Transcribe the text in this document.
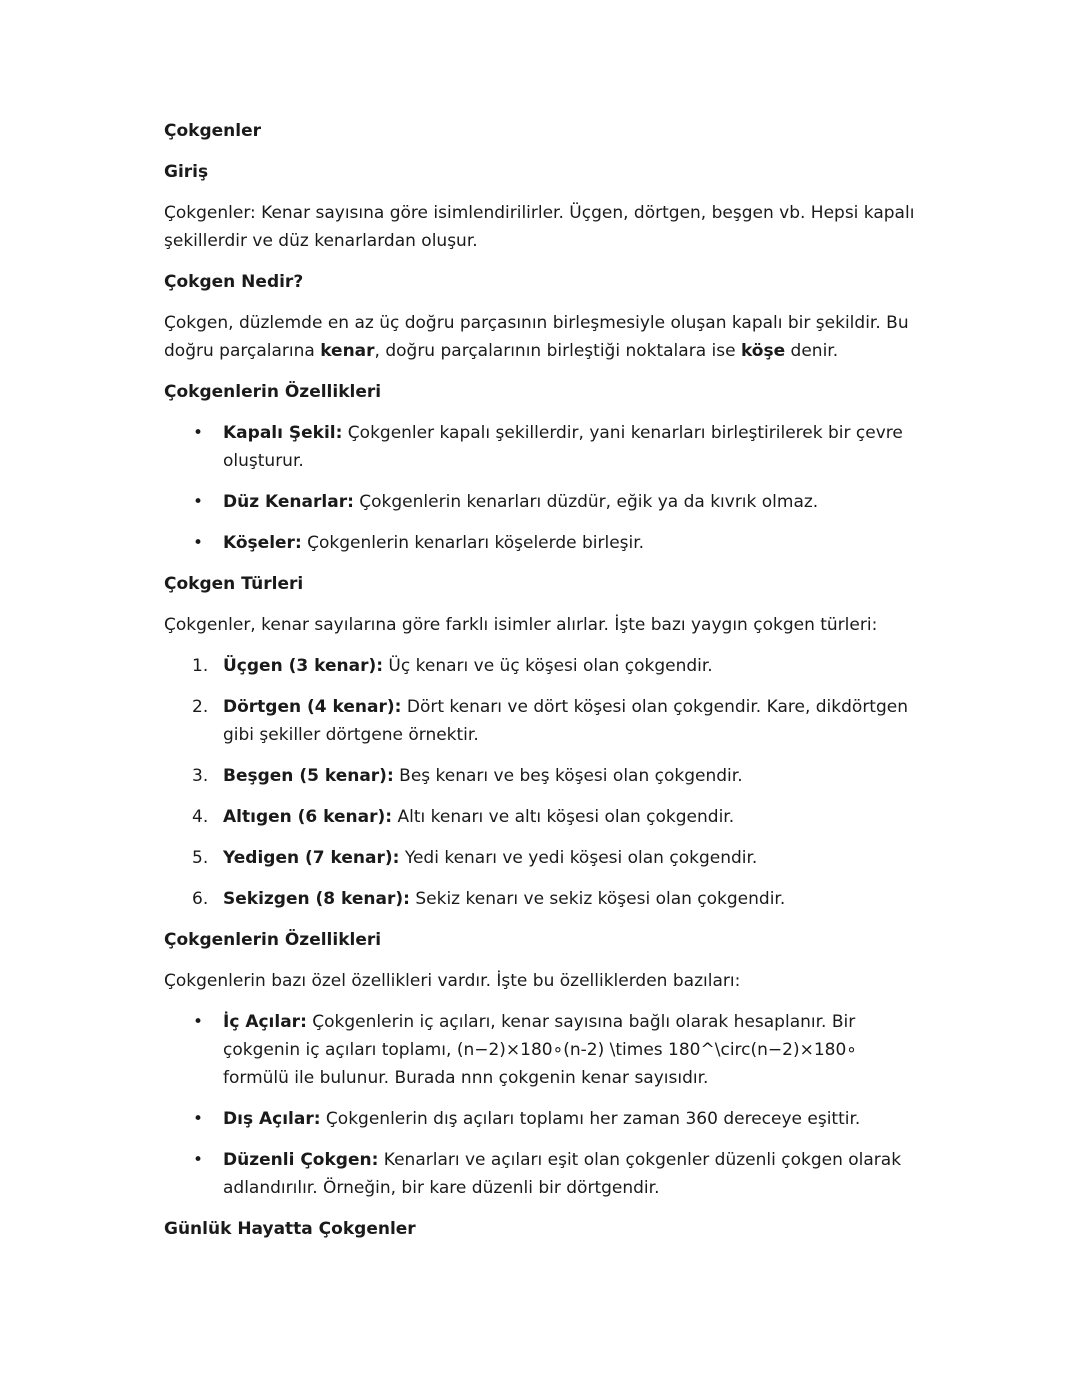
Çokgenler
Giriş
Çokgenler: Kenar sayısına göre isimlendirilirler. Üçgen, dörtgen, beşgen vb. Hepsi kapalı şekillerdir ve düz kenarlardan oluşur.
Çokgen Nedir?
Çokgen, düzlemde en az üç doğru parçasının birleşmesiyle oluşan kapalı bir şekildir. Bu doğru parçalarına kenar, doğru parçalarının birleştiği noktalara ise köşe denir.
Çokgenlerin Özellikleri
•	Kapalı Şekil: Çokgenler kapalı şekillerdir, yani kenarları birleştirilerek bir çevre oluşturur.
•	Düz Kenarlar: Çokgenlerin kenarları düzdür, eğik ya da kıvrık olmaz.
•	Köşeler: Çokgenlerin kenarları köşelerde birleşir.
Çokgen Türleri
Çokgenler, kenar sayılarına göre farklı isimler alırlar. İşte bazı yaygın çokgen türleri:
1. Üçgen (3 kenar): Üç kenarı ve üç köşesi olan çokgendir.
2. Dörtgen (4 kenar): Dört kenarı ve dört köşesi olan çokgendir. Kare, dikdörtgen gibi şekiller dörtgene örnektir.
3. Beşgen (5 kenar): Beş kenarı ve beş köşesi olan çokgendir.
4. Altıgen (6 kenar): Altı kenarı ve altı köşesi olan çokgendir.
5. Yedigen (7 kenar): Yedi kenarı ve yedi köşesi olan çokgendir.
6. Sekizgen (8 kenar): Sekiz kenarı ve sekiz köşesi olan çokgendir.
Çokgenlerin Özellikleri
Çokgenlerin bazı özel özellikleri vardır. İşte bu özelliklerden bazıları:
•	İç Açılar: Çokgenlerin iç açıları, kenar sayısına bağlı olarak hesaplanır. Bir çokgenin iç açıları toplamı, (n−2)×180∘(n-2) \times 180^\circ(n−2)×180∘ formülü ile bulunur. Burada nnn çokgenin kenar sayısıdır.
•	Dış Açılar: Çokgenlerin dış açıları toplamı her zaman 360 dereceye eşittir.
•	Düzenli Çokgen: Kenarları ve açıları eşit olan çokgenler düzenli çokgen olarak adlandırılır. Örneğin, bir kare düzenli bir dörtgendir.
Günlük Hayatta Çokgenler
